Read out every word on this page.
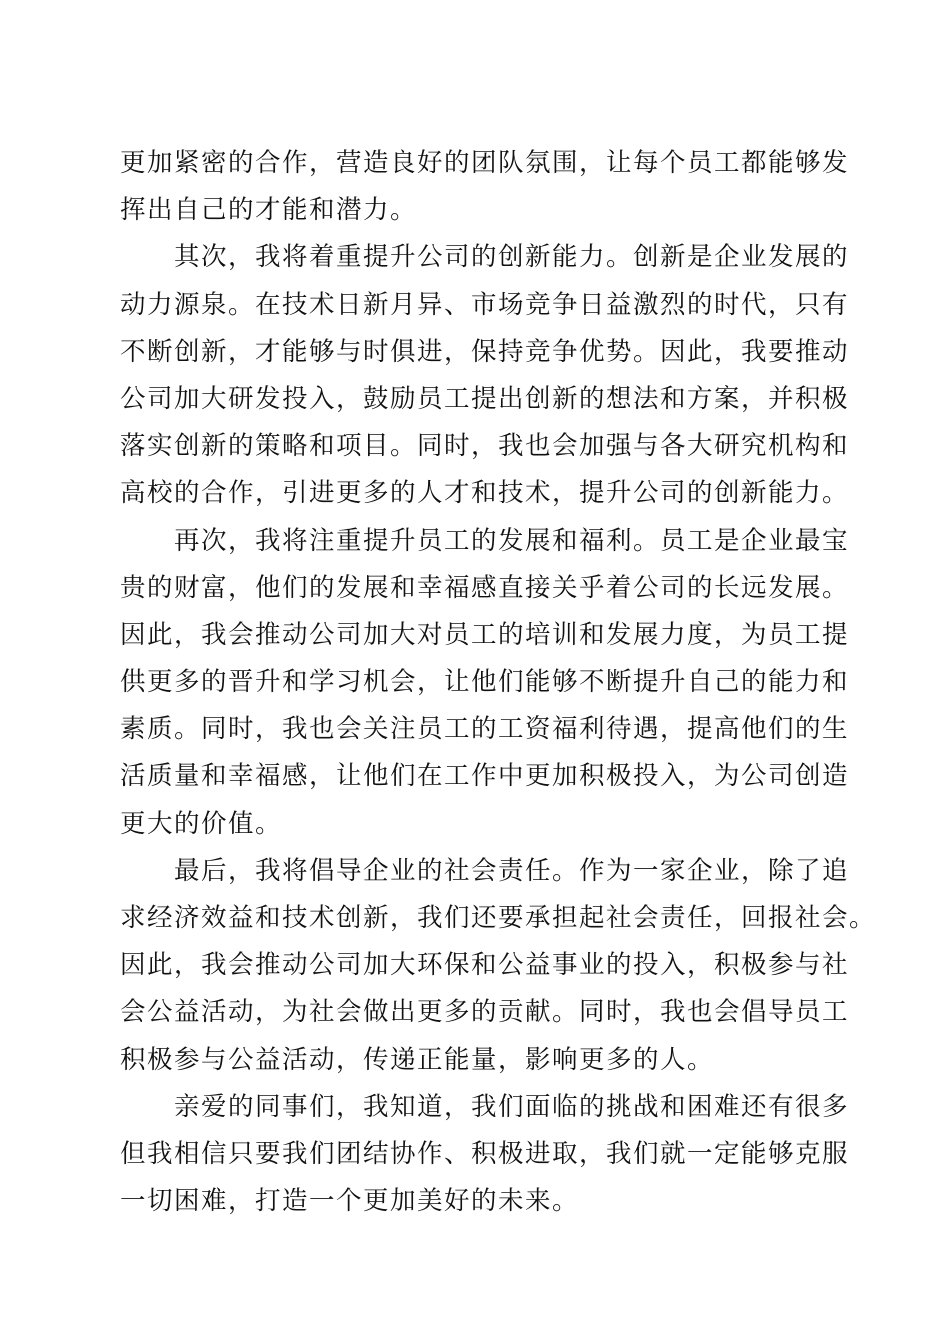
更加紧密的合作，营造良好的团队氛围，让每个员工都能够发
挥出自己的才能和潜力。
其次，我将着重提升公司的创新能力。创新是企业发展的
动力源泉。在技术日新月异、市场竞争日益激烈的时代，只有
不断创新，才能够与时俱进，保持竞争优势。因此，我要推动
公司加大研发投入，鼓励员工提出创新的想法和方案，并积极
落实创新的策略和项目。同时，我也会加强与各大研究机构和
高校的合作，引进更多的人才和技术，提升公司的创新能力。
再次，我将注重提升员工的发展和福利。员工是企业最宝
贵的财富，他们的发展和幸福感直接关乎着公司的长远发展。
因此，我会推动公司加大对员工的培训和发展力度，为员工提
供更多的晋升和学习机会，让他们能够不断提升自己的能力和
素质。同时，我也会关注员工的工资福利待遇，提高他们的生
活质量和幸福感，让他们在工作中更加积极投入，为公司创造
更大的价值。
最后，我将倡导企业的社会责任。作为一家企业，除了追
求经济效益和技术创新，我们还要承担起社会责任，回报社会。
因此，我会推动公司加大环保和公益事业的投入，积极参与社
会公益活动，为社会做出更多的贡献。同时，我也会倡导员工
积极参与公益活动，传递正能量，影响更多的人。
亲爱的同事们，我知道，我们面临的挑战和困难还有很多
但我相信只要我们团结协作、积极进取，我们就一定能够克服
一切困难，打造一个更加美好的未来。
